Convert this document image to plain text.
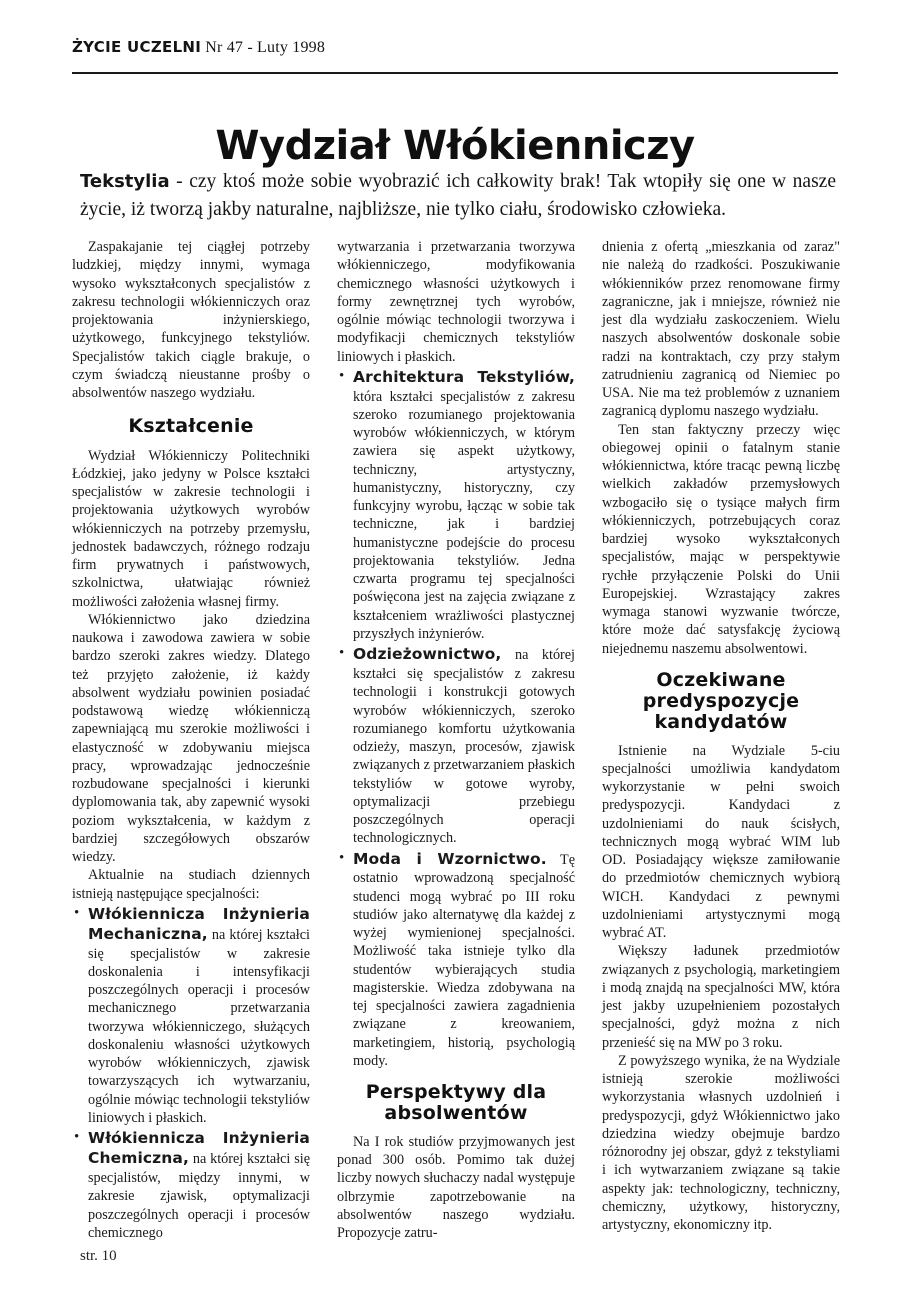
ŻYCIE UCZELNI Nr 47 - Luty 1998
Wydział Włókienniczy
Tekstylia - czy ktoś może sobie wyobrazić ich całkowity brak! Tak wtopiły się one w nasze życie, iż tworzą jakby naturalne, najbliższe, nie tylko ciału, środowisko człowieka.

Zaspakajanie tej ciągłej potrzeby ludzkiej, między innymi, wymaga wysoko wykształconych specjalistów z zakresu technologii włókienniczych oraz projektowania inżynierskiego, użytkowego, funkcyjnego tekstyliów. Specjalistów takich ciągle brakuje, o czym świadczą nieustanne prośby o absolwentów naszego wydziału.

Kształcenie

Wydział Włókienniczy Politechniki Łódzkiej, jako jedyny w Polsce kształci specjalistów w zakresie technologii i projektowania użytkowych wyrobów włókienniczych na potrzeby przemysłu, jednostek badawczych, różnego rodzaju firm prywatnych i państwowych, szkolnictwa, ułatwiając również możliwości założenia własnej firmy.

Włókiennictwo jako dziedzina naukowa i zawodowa zawiera w sobie bardzo szeroki zakres wiedzy. Dlatego też przyjęto założenie, iż każdy absolwent wydziału powinien posiadać podstawową wiedzę włókienniczą zapewniającą mu szerokie możliwości i elastyczność w zdobywaniu miejsca pracy, wprowadzając jednocześnie rozbudowane specjalności i kierunki dyplomowania tak, aby zapewnić wysoki poziom wykształcenia, w każdym z bardziej szczegółowych obszarów wiedzy.

Aktualnie na studiach dziennych istnieją następujące specjalności:

• Włókiennicza Inżynieria Mechaniczna, na której kształci się specjalistów w zakresie doskonalenia i intensyfikacji poszczególnych operacji i procesów mechanicznego przetwarzania tworzywa włókienniczego, służących doskonaleniu własności użytkowych wyrobów włókienniczych, zjawisk towarzyszących ich wytwarzaniu, ogólnie mówiąc technologii tekstyliów liniowych i płaskich.
• Włókiennicza Inżynieria Chemiczna, na której kształci się specjalistów, między innymi, w zakresie zjawisk, optymalizacji poszczególnych operacji i procesów chemicznego

wytwarzania i przetwarzania tworzywa włókienniczego, modyfikowania chemicznego własności użytkowych i formy zewnętrznej tych wyrobów, ogólnie mówiąc technologii tworzywa i modyfikacji chemicznych tekstyliów liniowych i płaskich.

• Architektura Tekstyliów, która kształci specjalistów z zakresu szeroko rozumianego projektowania wyrobów włókienniczych, w którym zawiera się aspekt użytkowy, techniczny, artystyczny, humanistyczny, historyczny, czy funkcyjny wyrobu, łącząc w sobie tak techniczne, jak i bardziej humanistyczne podejście do procesu projektowania tekstyliów. Jedna czwarta programu tej specjalności poświęcona jest na zajęcia związane z kształceniem wrażliwości plastycznej przyszłych inżynierów.
• Odzieżownictwo, na której kształci się specjalistów z zakresu technologii i konstrukcji gotowych wyrobów włókienniczych, szeroko rozumianego komfortu użytkowania odzieży, maszyn, procesów, zjawisk związanych z przetwarzaniem płaskich tekstyliów w gotowe wyroby, optymalizacji przebiegu poszczególnych operacji technologicznych.
• Moda i Wzornictwo. Tę ostatnio wprowadzoną specjalność studenci mogą wybrać po III roku studiów jako alternatywę dla każdej z wyżej wymienionej specjalności. Możliwość taka istnieje tylko dla studentów wybierających studia magisterskie. Wiedza zdobywana na tej specjalności zawiera zagadnienia związane z kreowaniem, marketingiem, historią, psychologią mody.
Perspektywy dla absolwentów

Na I rok studiów przyjmowanych jest ponad 300 osób. Pomimo tak dużej liczby nowych słuchaczy nadal występuje olbrzymie zapotrzebowanie na absolwentów naszego wydziału. Propozycje zatru-

dnienia z ofertą „mieszkania od zaraz" nie należą do rzadkości. Poszukiwanie włókienników przez renomowane firmy zagraniczne, jak i mniejsze, również nie jest dla wydziału zaskoczeniem. Wielu naszych absolwentów doskonale sobie radzi na kontraktach, czy przy stałym zatrudnieniu zagranicą od Niemiec po USA. Nie ma też problemów z uznaniem zagranicą dyplomu naszego wydziału.

Ten stan faktyczny przeczy więc obiegowej opinii o fatalnym stanie włókiennictwa, które tracąc pewną liczbę wielkich zakładów przemysłowych wzbogaciło się o tysiące małych firm włókienniczych, potrzebujących coraz bardziej wysoko wykształconych specjalistów, mając w perspektywie rychłe przyłączenie Polski do Unii Europejskiej. Wzrastający zakres wymaga stanowi wyzwanie twórcze, które może dać satysfakcję życiową niejednemu naszemu absolwentowi.

Oczekiwane predyspozycje kandydatów

Istnienie na Wydziale 5-ciu specjalności umożliwia kandydatom wykorzystanie w pełni swoich predyspozycji. Kandydaci z uzdolnieniami do nauk ścisłych, technicznych mogą wybrać WIM lub OD. Posiadający większe zamiłowanie do przedmiotów chemicznych wybiorą WICH. Kandydaci z pewnymi uzdolnieniami artystycznymi mogą wybrać AT.

Większy ładunek przedmiotów związanych z psychologią, marketingiem i modą znajdą na specjalności MW, która jest jakby uzupełnieniem pozostałych specjalności, gdyż można z nich przenieść się na MW po 3 roku.

Z powyższego wynika, że na Wydziale istnieją szerokie możliwości wykorzystania własnych uzdolnień i predyspozycji, gdyż Włókiennictwo jako dziedzina wiedzy obejmuje bardzo różnorodny jej obszar, gdyż z tekstyliami i ich wytwarzaniem związane są takie aspekty jak: technologiczny, techniczny, chemiczny, użytkowy, historyczny, artystyczny, ekonomiczny itp.

str. 10
